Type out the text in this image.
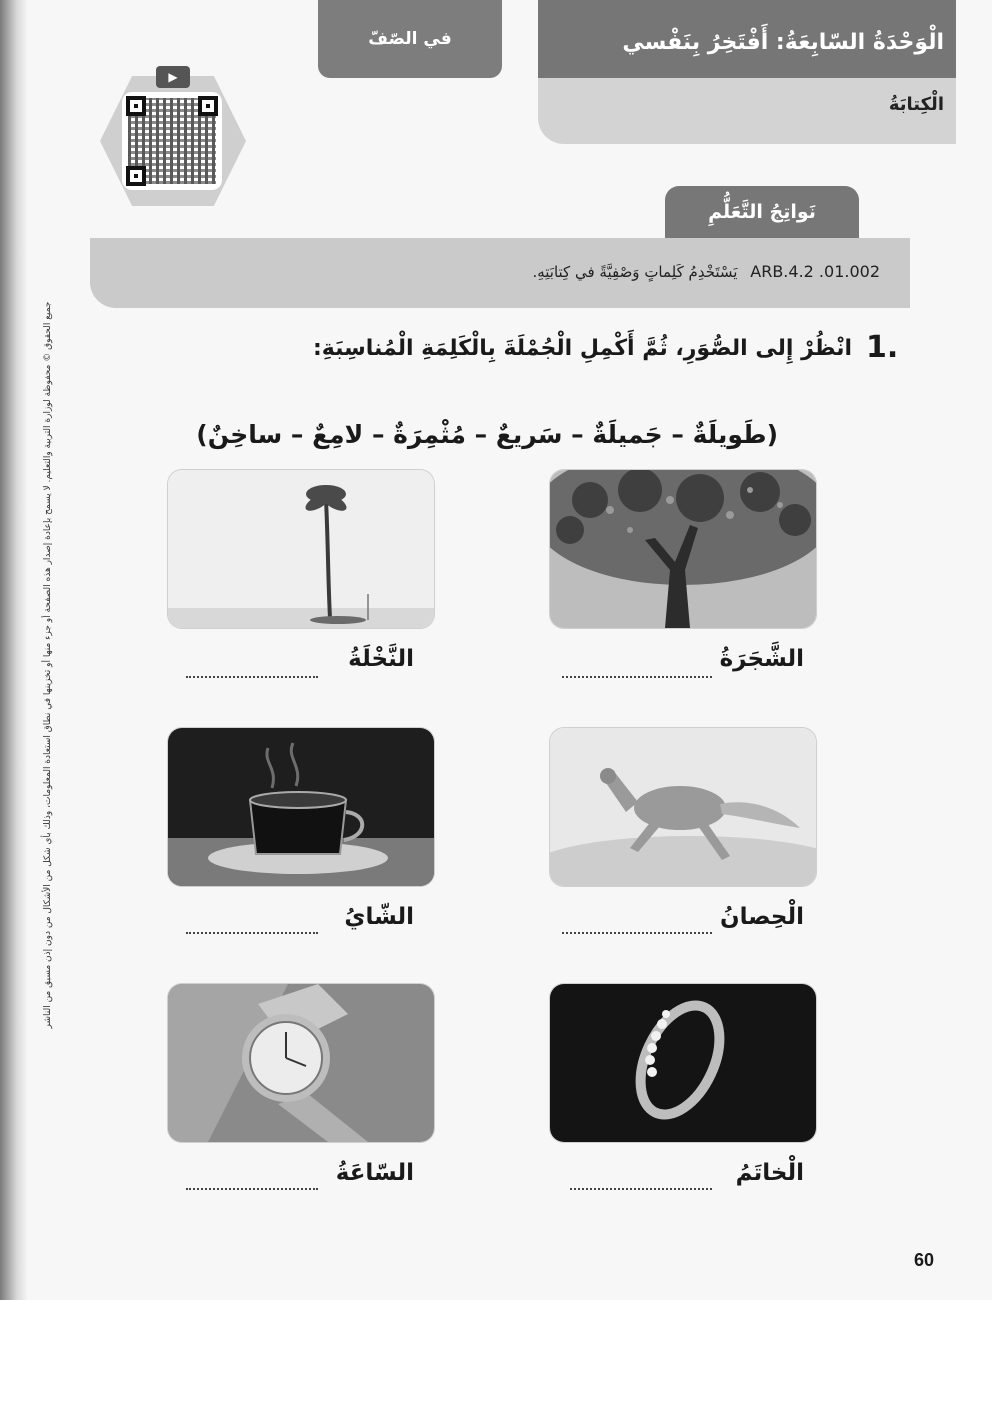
الْوَحْدَةُ السّابِعَةُ: أَفْتَخِرُ بِنَفْسي
الْكِتابَةُ
في الصّفّ
▶
نَواتِجُ التَّعَلُّمِ
ARB.4.2 .01.002 يَسْتَخْدِمُ كَلِماتٍ وَصْفِيَّةً في كِتابَتِهِ.
1.
انْظُرْ إِلى الصُّوَرِ، ثُمَّ أَكْمِلِ الْجُمْلَةَ بِالْكَلِمَةِ الْمُناسِبَةِ:
(طَويلَةٌ – جَميلَةٌ – سَريعٌ – مُثْمِرَةٌ – لامِعٌ – ساخِنٌ)
الشَّجَرَةُ
النَّخْلَةُ
الْحِصانُ
الشّايُ
الْخاتَمُ
السّاعَةُ
جميع الحقوق © محفوظة لوزارة التربية والتعليم. لا يسمح بإعادة إصدار هذه الصفحة أو جزء منها أو تخزينها في نطاق استعادة المعلومات، وذلك بأي شكل من الأشكال من دون إذن مسبق من الناشر
60
